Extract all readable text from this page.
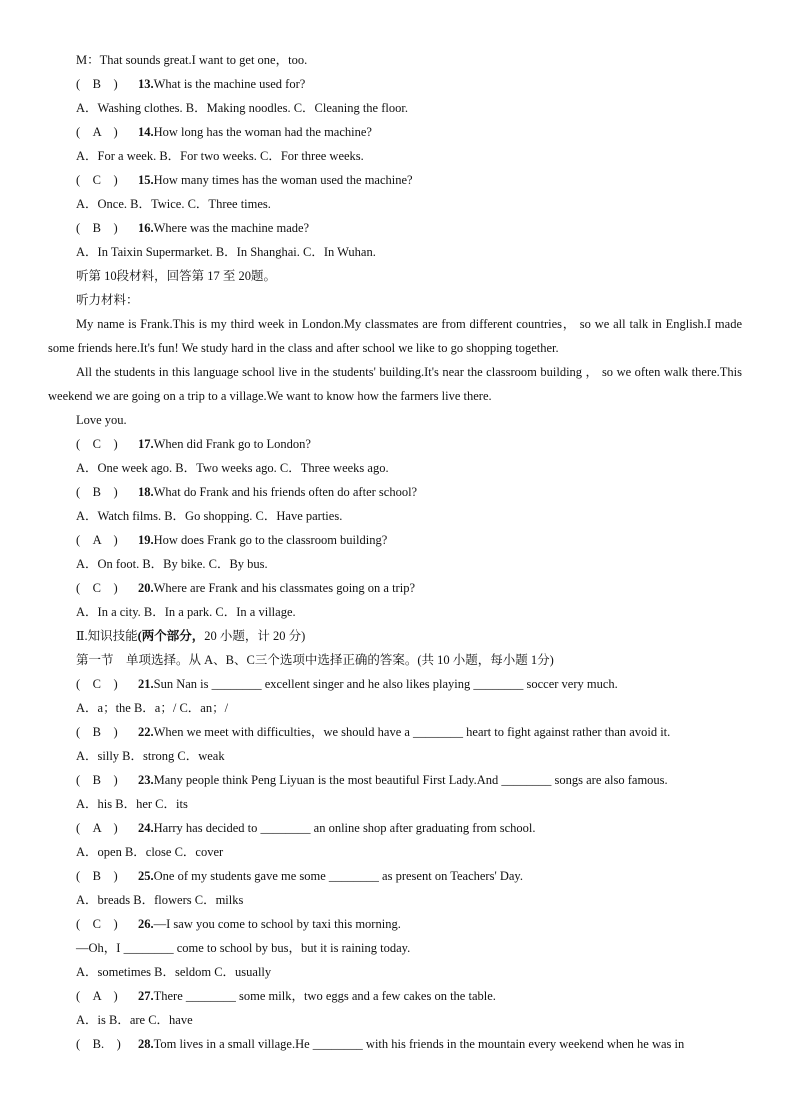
M：That sounds great.I want to get one，too.
(　B　) 13.What is the machine used for?
A．Washing clothes. B．Making noodles. C．Cleaning the floor.
(　A　) 14.How long has the woman had the machine?
A．For a week. B．For two weeks. C．For three weeks.
(　C　) 15.How many times has the woman used the machine?
A．Once. B．Twice. C．Three times.
(　B　) 16.Where was the machine made?
A．In Taixin Supermarket. B．In Shanghai. C．In Wuhan.
听第 10段材料，回答第 17 至 20题。
听力材料：
My name is Frank.This is my third week in London.My classmates are from different countries， so we all talk in English.I made some friends here.It's fun! We study hard in the class and after school we like to go shopping together.
All the students in this language school live in the students' building.It's near the classroom building ， so we often walk there.This weekend we are going on a trip to a village.We want to know how the farmers live there.
Love you.
(　C　) 17.When did Frank go to London?
A．One week ago. B．Two weeks ago. C．Three weeks ago.
(　B　) 18.What do Frank and his friends often do after school?
A．Watch films. B．Go shopping. C．Have parties.
(　A　) 19.How does Frank go to the classroom building?
A．On foot. B．By bike. C．By bus.
(　C　) 20.Where are Frank and his classmates going on a trip?
A．In a city. B．In a park. C．In a village.
Ⅱ.知识技能(两个部分，20 小题，计 20 分)
第一节　单项选择。从 A、B、C三个选项中选择正确的答案。(共 10 小题，每小题 1分)
(　C　) 21.Sun Nan is ________ excellent singer and he also likes playing ________ soccer very much.
A．a；the B．a；/ C．an；/
(　B　) 22.When we meet with difficulties，we should have a ________ heart to fight against rather than avoid it.
A．silly B．strong C．weak
(　B　) 23.Many people think Peng Liyuan is the most beautiful First Lady.And ________ songs are also famous.
A．his B．her C．its
(　A　) 24.Harry has decided to ________ an online shop after graduating from school.
A．open B．close C．cover
(　B　) 25.One of my students gave me some ________ as present on Teachers' Day.
A．breads B．flowers C．milks
(　C　) 26.—I saw you come to school by taxi this morning.
—Oh，I ________ come to school by bus，but it is raining today.
A．sometimes B．seldom C．usually
(　A　) 27.There ________ some milk，two eggs and a few cakes on the table.
A．is B．are C．have
(　B.　) 28.Tom lives in a small village.He ________ with his friends in the mountain every weekend when he was in
